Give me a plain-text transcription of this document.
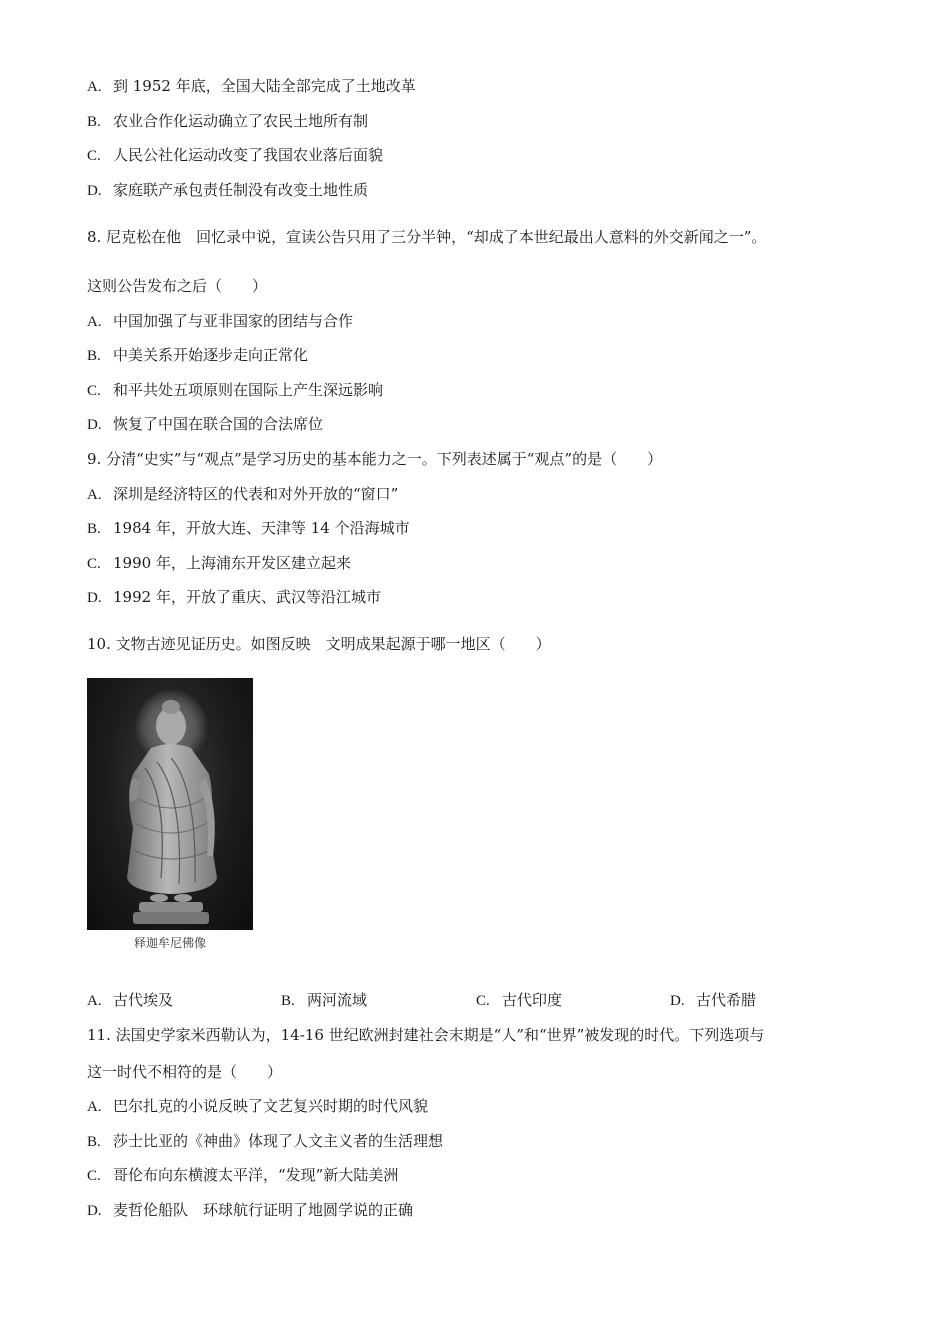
A. 到 1952 年底，全国大陆全部完成了土地改革
B. 农业合作化运动确立了农民土地所有制
C. 人民公社化运动改变了我国农业落后面貌
D. 家庭联产承包责任制没有改变土地性质
8. 尼克松在他　回忆录中说，宣读公告只用了三分半钟，“却成了本世纪最出人意料的外交新闻之一”。
这则公告发布之后（　　）
A. 中国加强了与亚非国家的团结与合作
B. 中美关系开始逐步走向正常化
C. 和平共处五项原则在国际上产生深远影响
D. 恢复了中国在联合国的合法席位
9. 分清“史实”与“观点”是学习历史的基本能力之一。下列表述属于“观点”的是（　　）
A. 深圳是经济特区的代表和对外开放的“窗口”
B. 1984 年，开放大连、天津等 14 个沿海城市
C. 1990 年，上海浦东开发区建立起来
D. 1992 年，开放了重庆、武汉等沿江城市
10. 文物古迹见证历史。如图反映　文明成果起源于哪一地区（　　）
释迦牟尼佛像
A. 古代埃及	B. 两河流域	C. 古代印度	D. 古代希腊
11. 法国史学家米西勒认为，14-16 世纪欧洲封建社会末期是“人”和“世界”被发现的时代。下列选项与
这一时代不相符的是（　　）
A. 巴尔扎克的小说反映了文艺复兴时期的时代风貌
B. 莎士比亚的《神曲》体现了人文主义者的生活理想
C. 哥伦布向东横渡太平洋，“发现”新大陆美洲
D. 麦哲伦船队　环球航行证明了地圆学说的正确
